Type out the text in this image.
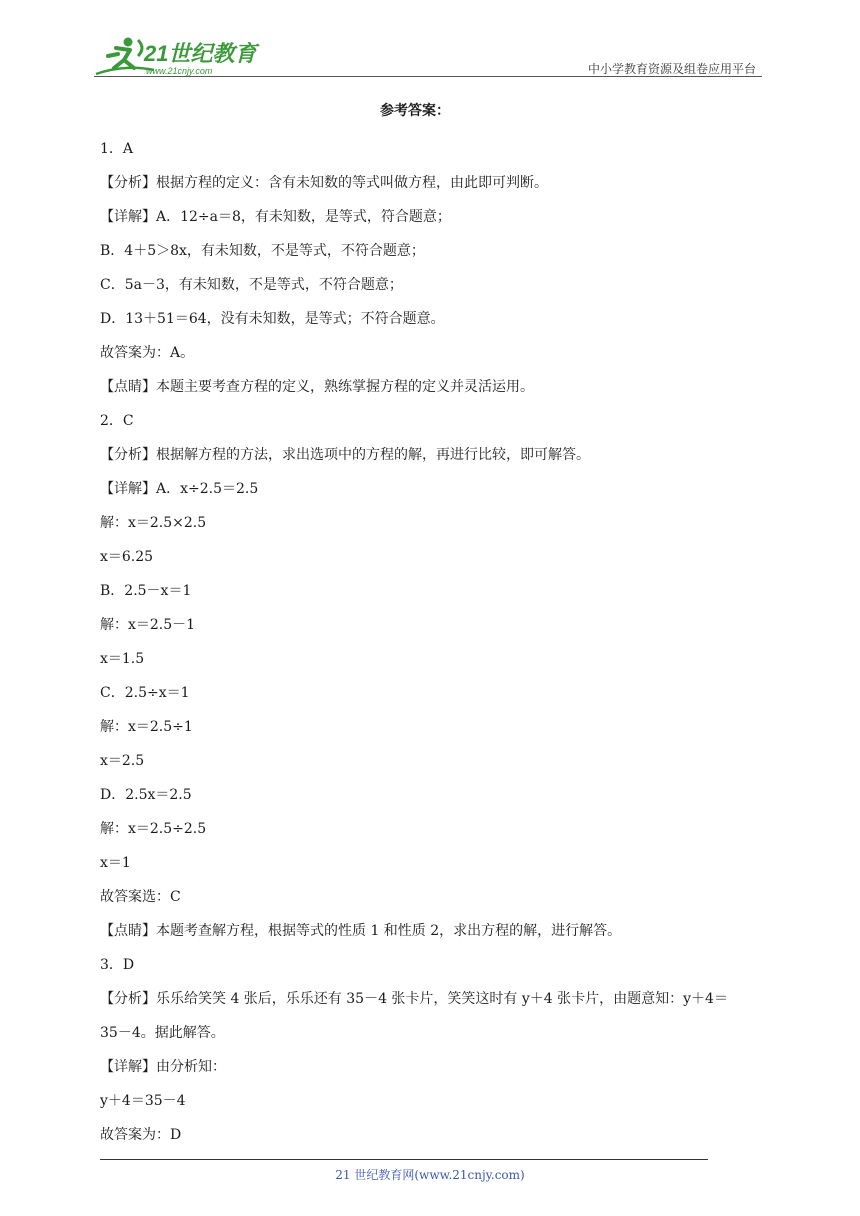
21世纪教育
www.21cnjy.com	中小学教育资源及组卷应用平台
参考答案：
1．A
【分析】根据方程的定义：含有未知数的等式叫做方程，由此即可判断。
【详解】A．12÷a＝8，有未知数，是等式，符合题意；
B．4＋5＞8x，有未知数，不是等式，不符合题意；
C．5a－3，有未知数，不是等式，不符合题意；
D．13＋51＝64，没有未知数，是等式；不符合题意。
故答案为：A。
【点睛】本题主要考查方程的定义，熟练掌握方程的定义并灵活运用。
2．C
【分析】根据解方程的方法，求出选项中的方程的解，再进行比较，即可解答。
【详解】A．x÷2.5＝2.5
解：x＝2.5×2.5
x＝6.25
B．2.5－x＝1
解：x＝2.5－1
x＝1.5
C．2.5÷x＝1
解：x＝2.5÷1
x＝2.5
D．2.5x＝2.5
解：x＝2.5÷2.5
x＝1
故答案选：C
【点睛】本题考查解方程，根据等式的性质 1 和性质 2，求出方程的解，进行解答。
3．D
【分析】乐乐给笑笑 4 张后，乐乐还有 35－4 张卡片，笑笑这时有 y＋4 张卡片，由题意知：y＋4＝
35－4。据此解答。
【详解】由分析知：
y＋4＝35－4
故答案为：D
21 世纪教育网(www.21cnjy.com)
